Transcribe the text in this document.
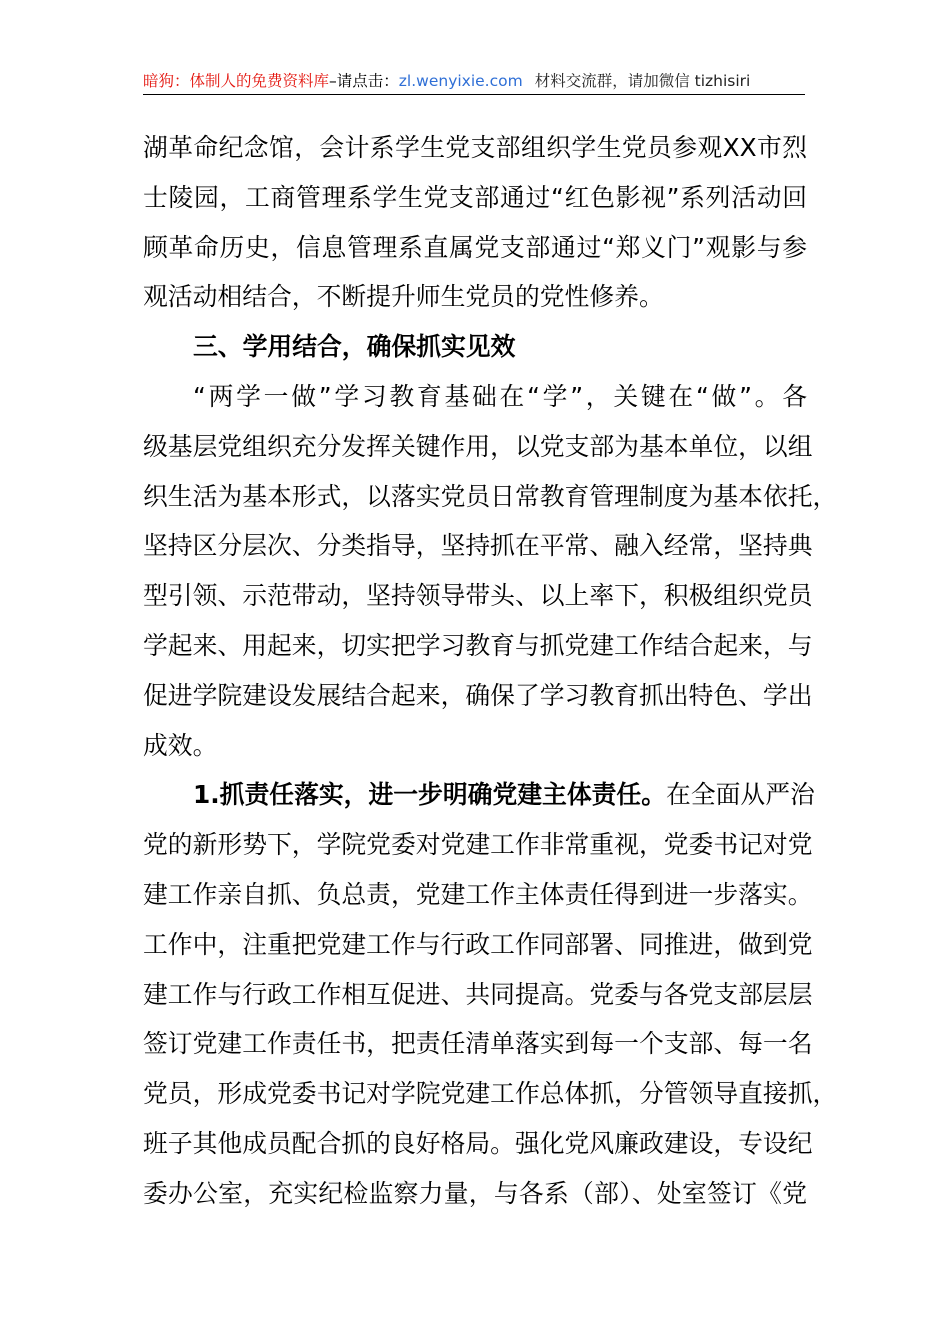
暗狗：体制人的免费资料库–请点击：zl.wenyixie.com 材料交流群，请加微信 tizhisiri

湖革命纪念馆，会计系学生党支部组织学生党员参观XX市烈
士陵园，工商管理系学生党支部通过“红色影视”系列活动回
顾革命历史，信息管理系直属党支部通过“郑义门”观影与参
观活动相结合，不断提升师生党员的党性修养。

三、学用结合，确保抓实见效

“两学一做”学习教育基础在“学”，关键在“做”。各
级基层党组织充分发挥关键作用，以党支部为基本单位，以组
织生活为基本形式，以落实党员日常教育管理制度为基本依托，
坚持区分层次、分类指导，坚持抓在平常、融入经常，坚持典
型引领、示范带动，坚持领导带头、以上率下，积极组织党员
学起来、用起来，切实把学习教育与抓党建工作结合起来，与
促进学院建设发展结合起来，确保了学习教育抓出特色、学出
成效。

1.抓责任落实，进一步明确党建主体责任。在全面从严治
党的新形势下，学院党委对党建工作非常重视，党委书记对党
建工作亲自抓、负总责，党建工作主体责任得到进一步落实。
工作中，注重把党建工作与行政工作同部署、同推进，做到党
建工作与行政工作相互促进、共同提高。党委与各党支部层层
签订党建工作责任书，把责任清单落实到每一个支部、每一名
党员，形成党委书记对学院党建工作总体抓，分管领导直接抓，
班子其他成员配合抓的良好格局。强化党风廉政建设，专设纪
委办公室，充实纪检监察力量，与各系（部）、处室签订《党
